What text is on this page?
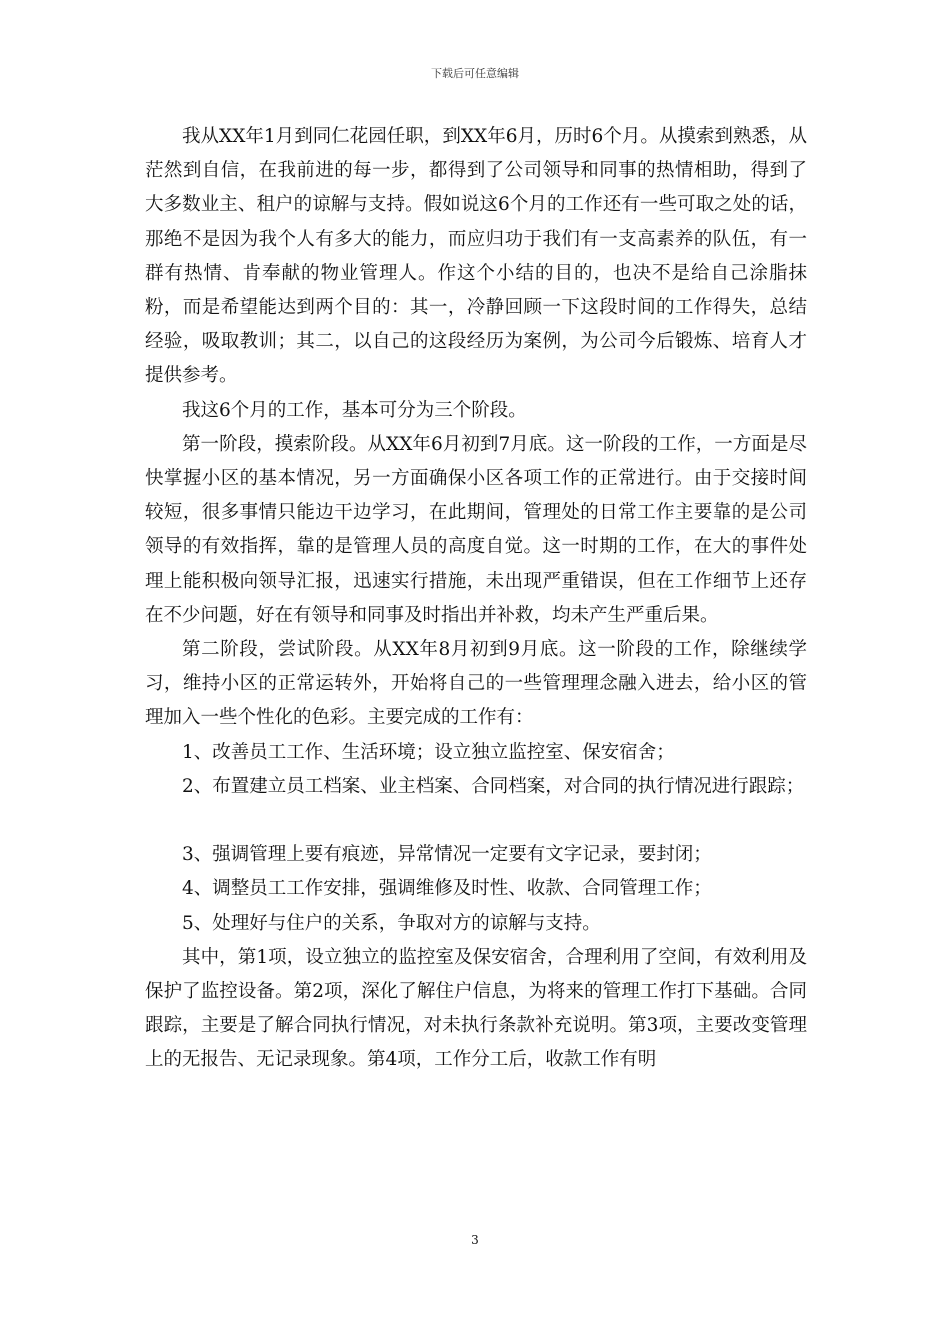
下载后可任意编辑

我从XX年1月到同仁花园任职，到XX年6月，历时6个月。从摸索到熟悉，从茫然到自信，在我前进的每一步，都得到了公司领导和同事的热情相助，得到了大多数业主、租户的谅解与支持。假如说这6个月的工作还有一些可取之处的话，那绝不是因为我个人有多大的能力，而应归功于我们有一支高素养的队伍，有一群有热情、肯奉献的物业管理人。作这个小结的目的，也决不是给自己涂脂抹粉，而是希望能达到两个目的：其一，冷静回顾一下这段时间的工作得失，总结经验，吸取教训；其二，以自己的这段经历为案例，为公司今后锻炼、培育人才提供参考。

我这6个月的工作，基本可分为三个阶段。

第一阶段，摸索阶段。从XX年6月初到7月底。这一阶段的工作，一方面是尽快掌握小区的基本情况，另一方面确保小区各项工作的正常进行。由于交接时间较短，很多事情只能边干边学习，在此期间，管理处的日常工作主要靠的是公司领导的有效指挥，靠的是管理人员的高度自觉。这一时期的工作，在大的事件处理上能积极向领导汇报，迅速实行措施，未出现严重错误，但在工作细节上还存在不少问题，好在有领导和同事及时指出并补救，均未产生严重后果。

第二阶段，尝试阶段。从XX年8月初到9月底。这一阶段的工作，除继续学习，维持小区的正常运转外，开始将自己的一些管理理念融入进去，给小区的管理加入一些个性化的色彩。主要完成的工作有：

1、改善员工工作、生活环境；设立独立监控室、保安宿舍；

2、布置建立员工档案、业主档案、合同档案，对合同的执行情况进行跟踪；

3、强调管理上要有痕迹，异常情况一定要有文字记录，要封闭；

4、调整员工工作安排，强调维修及时性、收款、合同管理工作；

5、处理好与住户的关系，争取对方的谅解与支持。

其中，第1项，设立独立的监控室及保安宿舍，合理利用了空间，有效利用及保护了监控设备。第2项，深化了解住户信息，为将来的管理工作打下基础。合同跟踪，主要是了解合同执行情况，对未执行条款补充说明。第3项，主要改变管理上的无报告、无记录现象。第4项，工作分工后，收款工作有明

3
